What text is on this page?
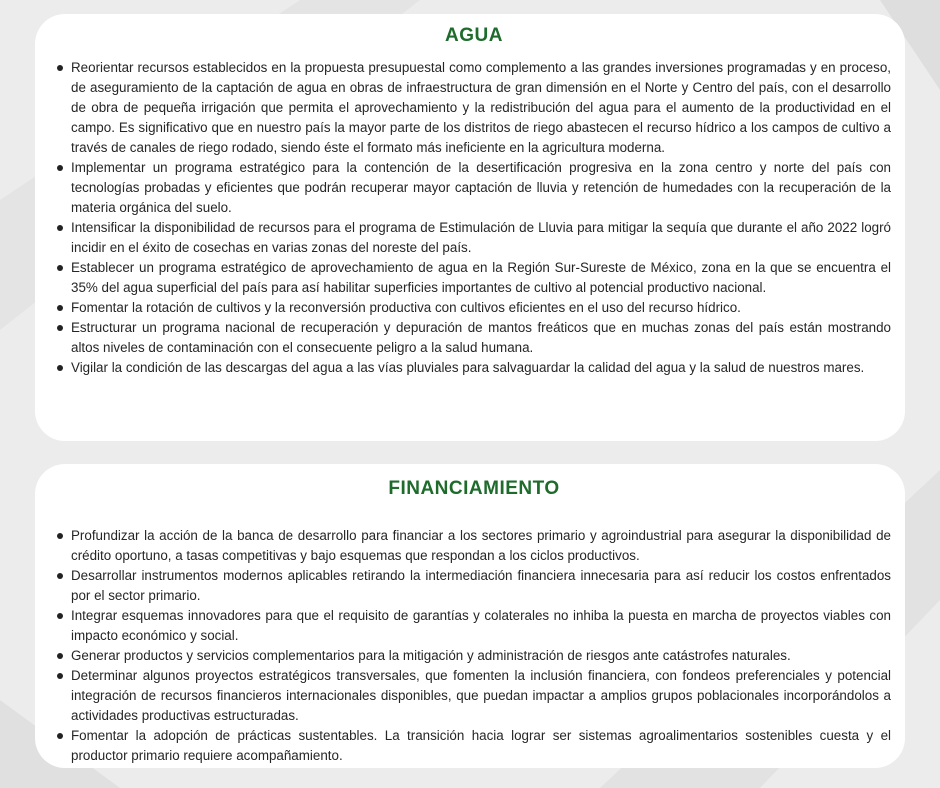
AGUA
Reorientar recursos establecidos en la propuesta presupuestal como complemento a las grandes inversiones programadas y en proceso, de aseguramiento de la captación de agua en obras de infraestructura de gran dimensión en el Norte y Centro del país, con el desarrollo de obra de pequeña irrigación que permita el aprovechamiento y la redistribución del agua para el aumento de la productividad en el campo. Es significativo que en nuestro país la mayor parte de los distritos de riego abastecen el recurso hídrico a los campos de cultivo a través de canales de riego rodado, siendo éste el formato más ineficiente en la agricultura moderna.
Implementar un programa estratégico para la contención de la desertificación progresiva en la zona centro y norte del país con tecnologías probadas y eficientes que podrán recuperar mayor captación de lluvia y retención de humedades con la recuperación de la materia orgánica del suelo.
Intensificar la disponibilidad de recursos para el programa de Estimulación de Lluvia para mitigar la sequía que durante el año 2022 logró incidir en el éxito de cosechas en varias zonas del noreste del país.
Establecer un programa estratégico de aprovechamiento de agua en la Región Sur-Sureste de México, zona en la que se encuentra el 35% del agua superficial del país para así habilitar superficies importantes de cultivo al potencial productivo nacional.
Fomentar la rotación de cultivos y la reconversión productiva con cultivos eficientes en el uso del recurso hídrico.
Estructurar un programa nacional de recuperación y depuración de mantos freáticos que en muchas zonas del país están mostrando altos niveles de contaminación con el consecuente peligro a la salud humana.
Vigilar la condición de las descargas del agua a las vías pluviales para salvaguardar la calidad del agua y la salud de nuestros mares.
FINANCIAMIENTO
Profundizar la acción de la banca de desarrollo para financiar a los sectores primario y agroindustrial para asegurar la disponibilidad de crédito oportuno, a tasas competitivas y bajo esquemas que respondan a los ciclos productivos.
Desarrollar instrumentos modernos aplicables retirando la intermediación financiera innecesaria para así reducir los costos enfrentados por el sector primario.
Integrar esquemas innovadores para que el requisito de garantías y colaterales no inhiba la puesta en marcha de proyectos viables con impacto económico y social.
Generar productos y servicios complementarios para la mitigación y administración de riesgos ante catástrofes naturales.
Determinar algunos proyectos estratégicos transversales, que fomenten la inclusión financiera, con fondeos preferenciales y potencial integración de recursos financieros internacionales disponibles, que puedan impactar a amplios grupos poblacionales incorporándolos a actividades productivas estructuradas.
Fomentar la adopción de prácticas sustentables. La transición hacia lograr ser sistemas agroalimentarios sostenibles cuesta y el productor primario requiere acompañamiento.
